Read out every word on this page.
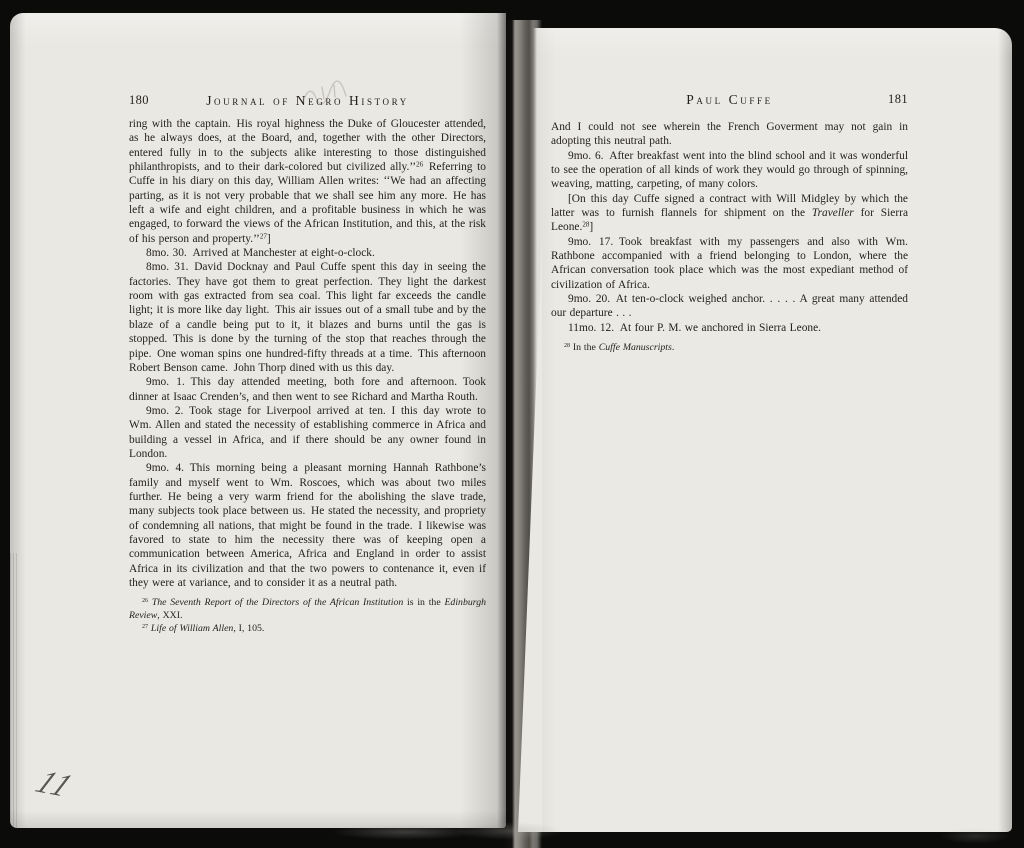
180	Journal of Negro History
ring with the captain. His royal highness the Duke of Gloucester attended, as he always does, at the Board, and, together with the other Directors, entered fully in to the subjects alike interesting to those distinguished philanthropists, and to their dark-colored but civilized ally.’’$^{26}$ Referring to Cuffe in his diary on this day, William Allen writes: ‘‘We had an affecting parting, as it is not very probable that we shall see him any more. He has left a wife and eight children, and a profitable business in which he was engaged, to forward the views of the African Institution, and this, at the risk of his person and property.’’$^{27}$]
8mo. 30. Arrived at Manchester at eight-o-clock.
8mo. 31. David Docknay and Paul Cuffe spent this day in seeing the factories. They have got them to great perfection. They light the darkest room with gas extracted from sea coal. This light far exceeds the candle light; it is more like day light. This air issues out of a small tube and by the blaze of a candle being put to it, it blazes and burns until the gas is stopped. This is done by the turning of the stop that reaches through the pipe. One woman spins one hundred-fifty threads at a time. This afternoon Robert Benson came. John Thorp dined with us this day.
9mo. 1. This day attended meeting, both fore and afternoon. Took dinner at Isaac Crenden’s, and then went to see Richard and Martha Routh.
9mo. 2. Took stage for Liverpool arrived at ten. I this day wrote to Wm. Allen and stated the necessity of establishing commerce in Africa and building a vessel in Africa, and if there should be any owner found in London.
9mo. 4. This morning being a pleasant morning Hannah Rathbone’s family and myself went to Wm. Roscoes, which was about two miles further. He being a very warm friend for the abolishing the slave trade, many subjects took place between us. He stated the necessity, and propriety of condemning all nations, that might be found in the trade. I likewise was favored to state to him the necessity there was of keeping open a communication between America, Africa and England in order to assist Africa in its civilization and that the two powers to contenance it, even if they were at variance, and to consider it as a neutral path.
$^{26}$ The Seventh Report of the Directors of the African Institution is in the Edinburgh Review, XXI.
$^{27}$ Life of William Allen, I, 105.
Paul Cuffe	181
And I could not see wherein the French Goverment may not gain in adopting this neutral path.
9mo. 6. After breakfast went into the blind school and it was wonderful to see the operation of all kinds of work they would go through of spinning, weaving, matting, carpeting, of many colors.
[On this day Cuffe signed a contract with Will Midgley by which the latter was to furnish flannels for shipment on the Traveller for Sierra Leone.$^{28}$]
9mo. 17. Took breakfast with my passengers and also with Wm. Rathbone accompanied with a friend belonging to London, where the African conversation took place which was the most expediant method of civilization of Africa.
9mo. 20. At ten-o-clock weighed anchor. . . . . A great many attended our departure . . .
11mo. 12. At four P. M. we anchored in Sierra Leone.
$^{28}$ In the Cuffe Manuscripts.
11
